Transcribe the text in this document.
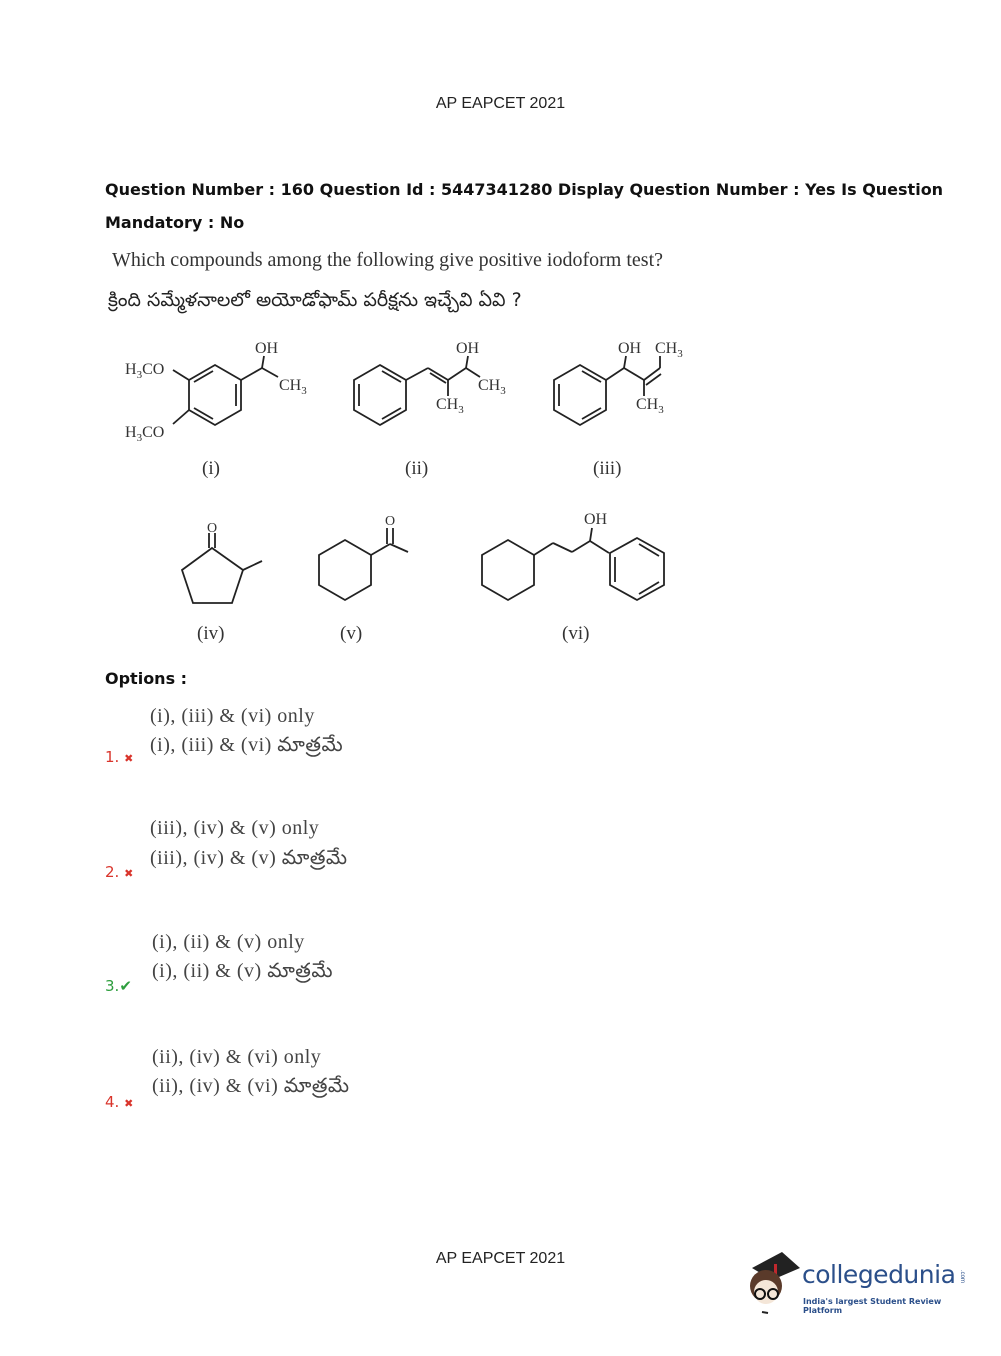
AP EAPCET 2021
Question Number : 160 Question Id : 5447341280 Display Question Number : Yes Is Question
Mandatory : No
Which compounds among the following give positive iodoform test?
క్రింది సమ్మేళనాలలో అయోడోఫామ్ పరీక్షను ఇచ్చేవి ఏవి ?
OH
$CH_3$
$H_3CO$
$H_3CO$
OH
$CH_3$
$CH_3$
OH $CH_3$
$CH_3$
O	O	OH
(i)	(ii)	(iii)
(iv)	(v)	(vi)
Options :
(i), (iii) & (vi) only
(i), (iii) & (vi) మాత్రమే
1. ✖
(iii), (iv) & (v) only
(iii), (iv) & (v) మాత్రమే
2. ✖
(i), (ii) & (v) only
(i), (ii) & (v) మాత్రమే
3.✔
(ii), (iv) & (vi) only
(ii), (iv) & (vi) మాత్రమే
4. ✖
AP EAPCET 2021
collegedunia .com
India's largest Student Review Platform
